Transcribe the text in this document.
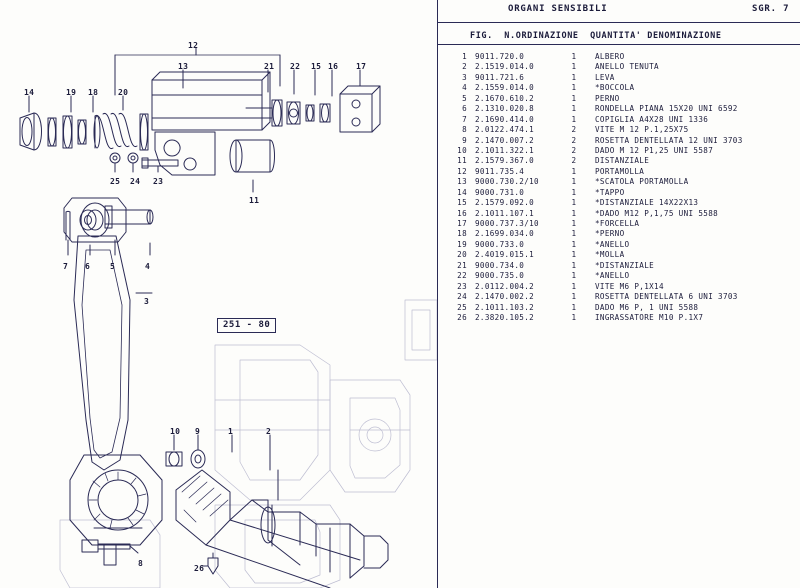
ORGANI SENSIBILI	SGR. 7
FIG.  N.ORDINAZIONE  QUANTITA' DENOMINAZIONE
1 9011.720.0	1 ALBERO
2 2.1519.014.0	1 ANELLO TENUTA
3 9011.721.6	1 LEVA
4 2.1559.014.0	1 *BOCCOLA
5 2.1670.610.2	1 PERNO
6 2.1310.020.8	1 RONDELLA PIANA 15X20 UNI 6592
7 2.1690.414.0	1 COPIGLIA A4X28 UNI 1336
8 2.0122.474.1	2 VITE M 12 P.1,25X75
9 2.1470.007.2	2 ROSETTA DENTELLATA 12 UNI 3703
10 2.1011.322.1	2 DADO M 12 P1,25 UNI 5587
11 2.1579.367.0	2 DISTANZIALE
12 9011.735.4	1 PORTAMOLLA
13 9000.730.2/10	1 *SCATOLA PORTAMOLLA
14 9000.731.0	1 *TAPPO
15 2.1579.092.0	1 *DISTANZIALE 14X22X13
16 2.1011.107.1	1 *DADO M12 P,1,75 UNI 5588
17 9000.737.3/10	1 *FORCELLA
18 2.1699.034.0	1 *PERNO
19 9000.733.0	1 *ANELLO
20 2.4019.015.1	1 *MOLLA
21 9000.734.0	1 *DISTANZIALE
22 9000.735.0	1 *ANELLO
23 2.0112.004.2	1 VITE M6 P,1X14
24 2.1470.002.2	1 ROSETTA DENTELLATA 6 UNI 3703
25 2.1011.103.2	1 DADO M6 P, 1 UNI 5588
26 2.3820.105.2	1 INGRASSATORE M10 P.1X7
251 - 80
12
13	21 22 15 16 17
14	19 18 20
25 24 23
11
7 6 5	4
3
10 9	1	2
8
26
